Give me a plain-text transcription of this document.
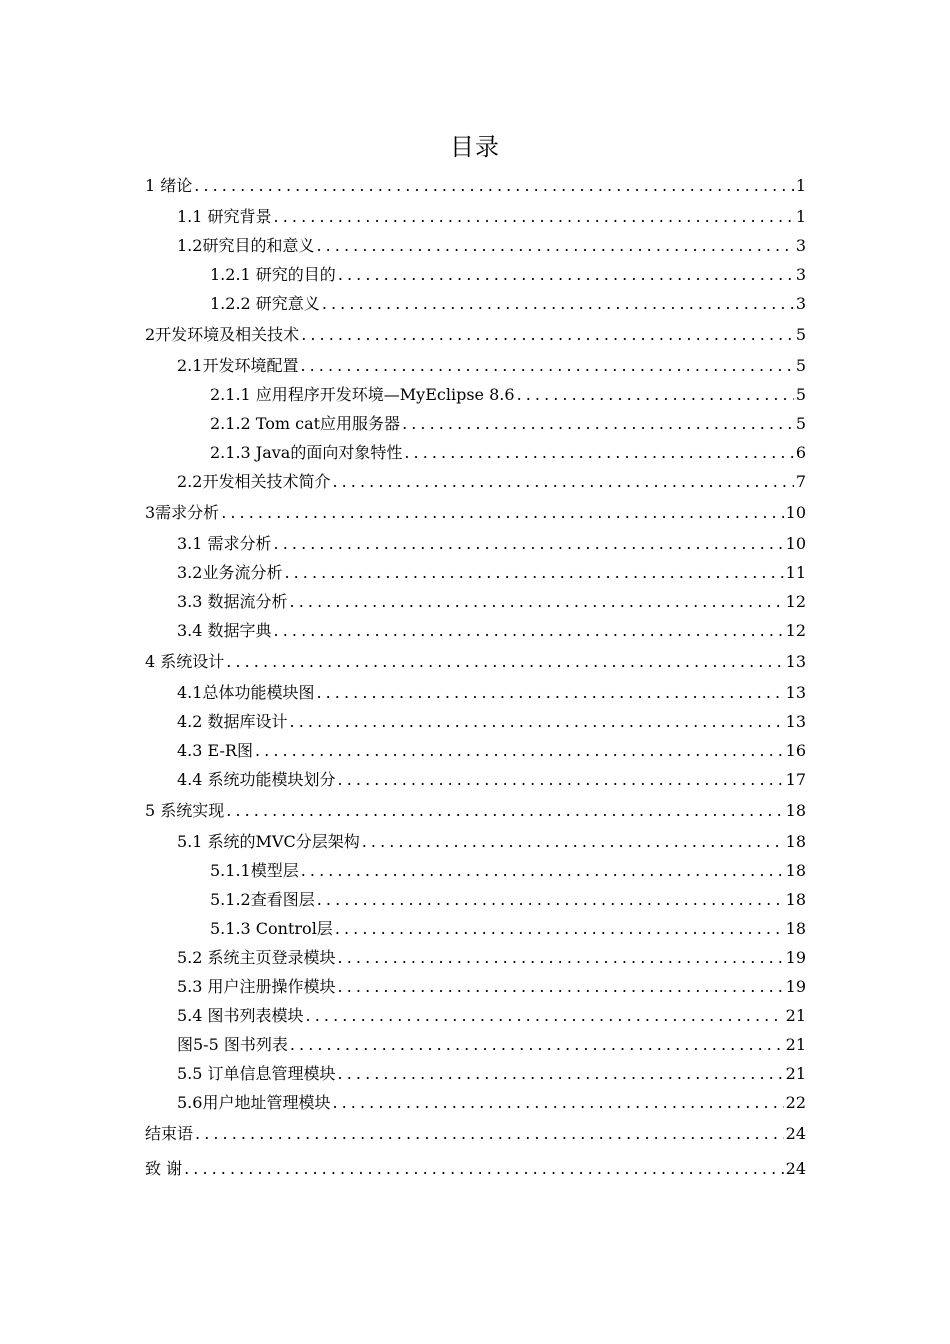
目录
1 绪论 . . .	1
1.1 研究背景 . . .	1
1.2研究目的和意义 . . .	3
1.2.1 研究的目的 . . .	3
1.2.2 研究意义 . . .	3
2开发环境及相关技术 . . .	5
2.1开发环境配置 . . .	5
2.1.1 应用程序开发环境—MyEclipse 8.6 . . .	5
2.1.2 Tom cat应用服务器 . . .	5
2.1.3 Java的面向对象特性 . . .	6
2.2开发相关技术简介 . . .	7
3需求分析 . . .	10
3.1 需求分析 . . .	10
3.2业务流分析 . . .	11
3.3 数据流分析 . . .	12
3.4 数据字典 . . .	12
4 系统设计 . . .	13
4.1总体功能模块图 . . .	13
4.2 数据库设计 . . .	13
4.3 E-R图 . . .	16
4.4 系统功能模块划分 . . .	17
5 系统实现 . . .	18
5.1 系统的MVC分层架构 . . .	18
5.1.1模型层 . . .	18
5.1.2查看图层 . . .	18
5.1.3 Control层 . . .	18
5.2 系统主页登录模块 . . .	19
5.3 用户注册操作模块 . . .	19
5.4 图书列表模块 . . .	21
图5-5 图书列表 . . .	21
5.5 订单信息管理模块 . . .	21
5.6用户地址管理模块 . . .	22
结束语 . . .	24
致 谢 . . .	24
